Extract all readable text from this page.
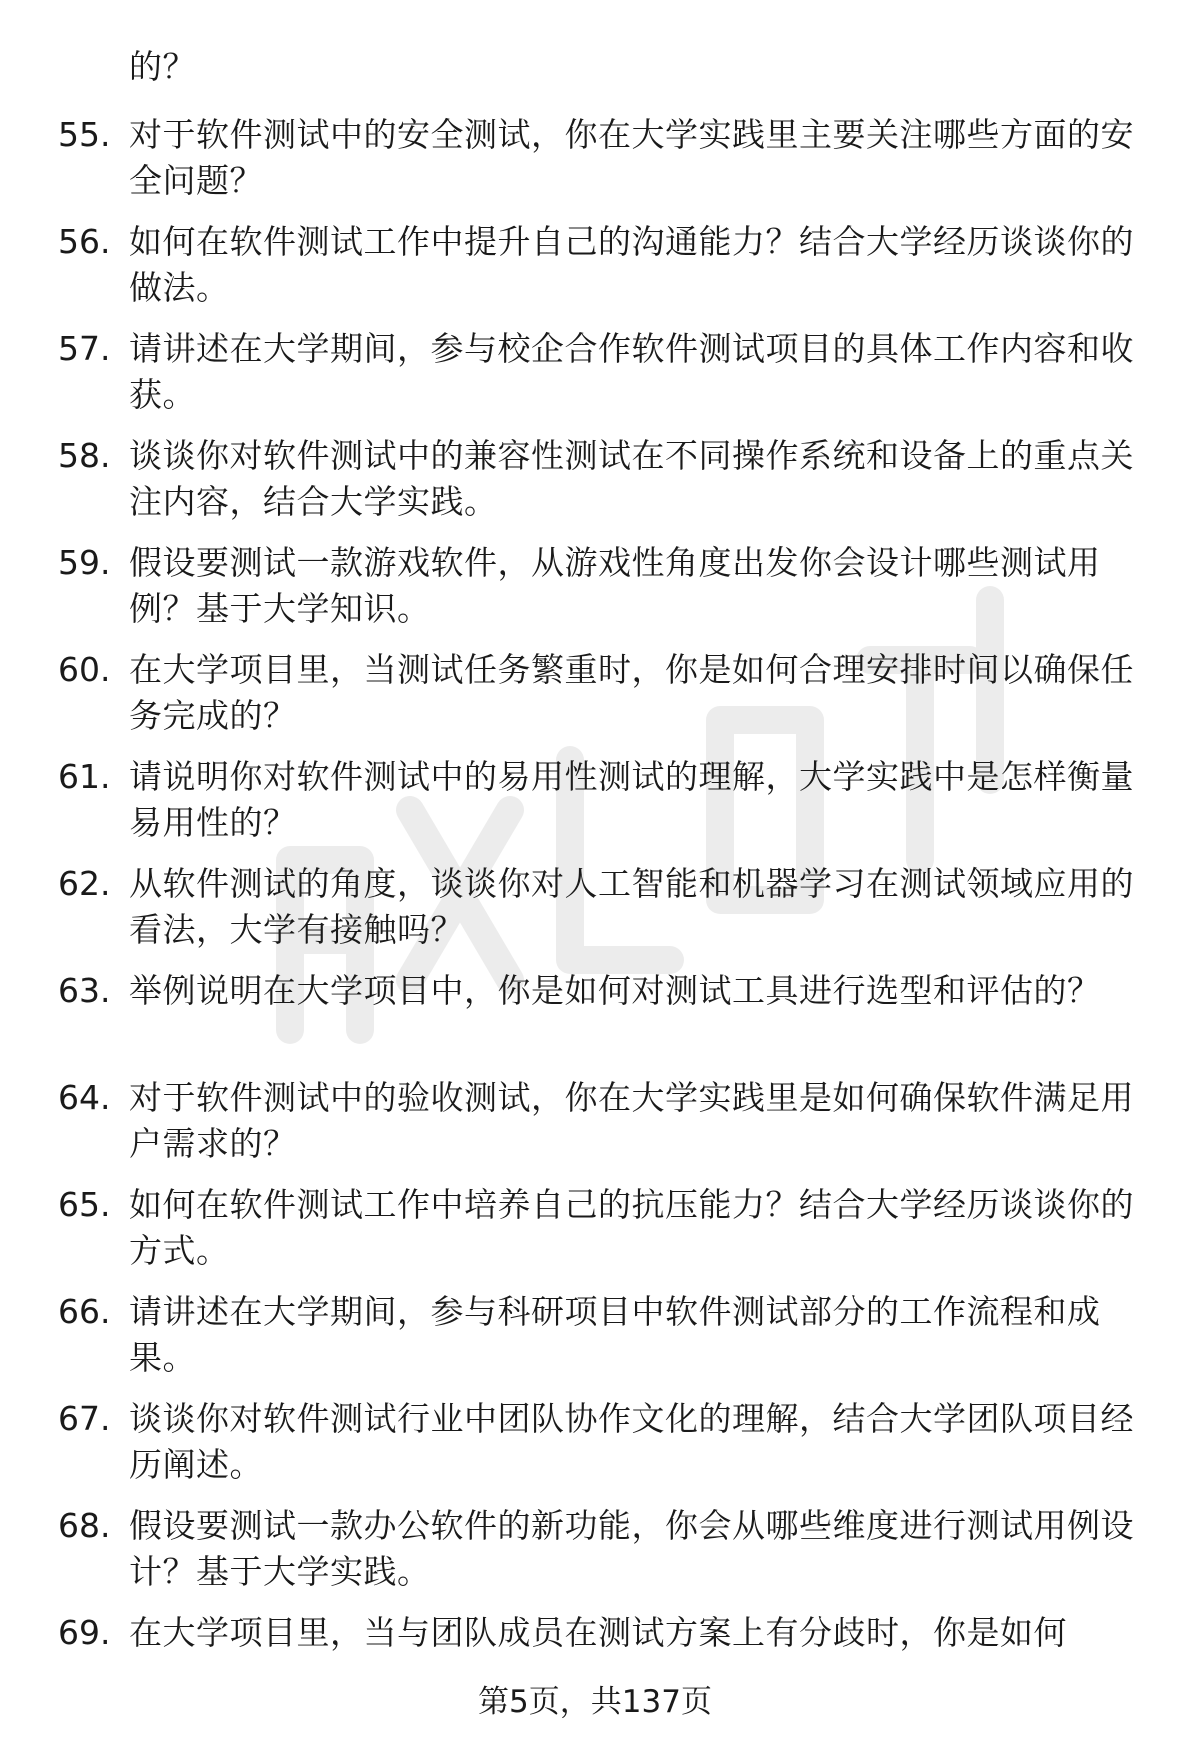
的？
55. 对于软件测试中的安全测试，你在大学实践里主要关注哪些方面的安全问题？
56. 如何在软件测试工作中提升自己的沟通能力？结合大学经历谈谈你的做法。
57. 请讲述在大学期间，参与校企合作软件测试项目的具体工作内容和收获。
58. 谈谈你对软件测试中的兼容性测试在不同操作系统和设备上的重点关注内容，结合大学实践。
59. 假设要测试一款游戏软件，从游戏性角度出发你会设计哪些测试用例？基于大学知识。
60. 在大学项目里，当测试任务繁重时，你是如何合理安排时间以确保任务完成的？
61. 请说明你对软件测试中的易用性测试的理解，大学实践中是怎样衡量易用性的？
62. 从软件测试的角度，谈谈你对人工智能和机器学习在测试领域应用的看法，大学有接触吗？
63. 举例说明在大学项目中，你是如何对测试工具进行选型和评估的？
64. 对于软件测试中的验收测试，你在大学实践里是如何确保软件满足用户需求的？
65. 如何在软件测试工作中培养自己的抗压能力？结合大学经历谈谈你的方式。
66. 请讲述在大学期间，参与科研项目中软件测试部分的工作流程和成果。
67. 谈谈你对软件测试行业中团队协作文化的理解，结合大学团队项目经历阐述。
68. 假设要测试一款办公软件的新功能，你会从哪些维度进行测试用例设计？基于大学实践。
69. 在大学项目里，当与团队成员在测试方案上有分歧时，你是如何
第5页，共137页
